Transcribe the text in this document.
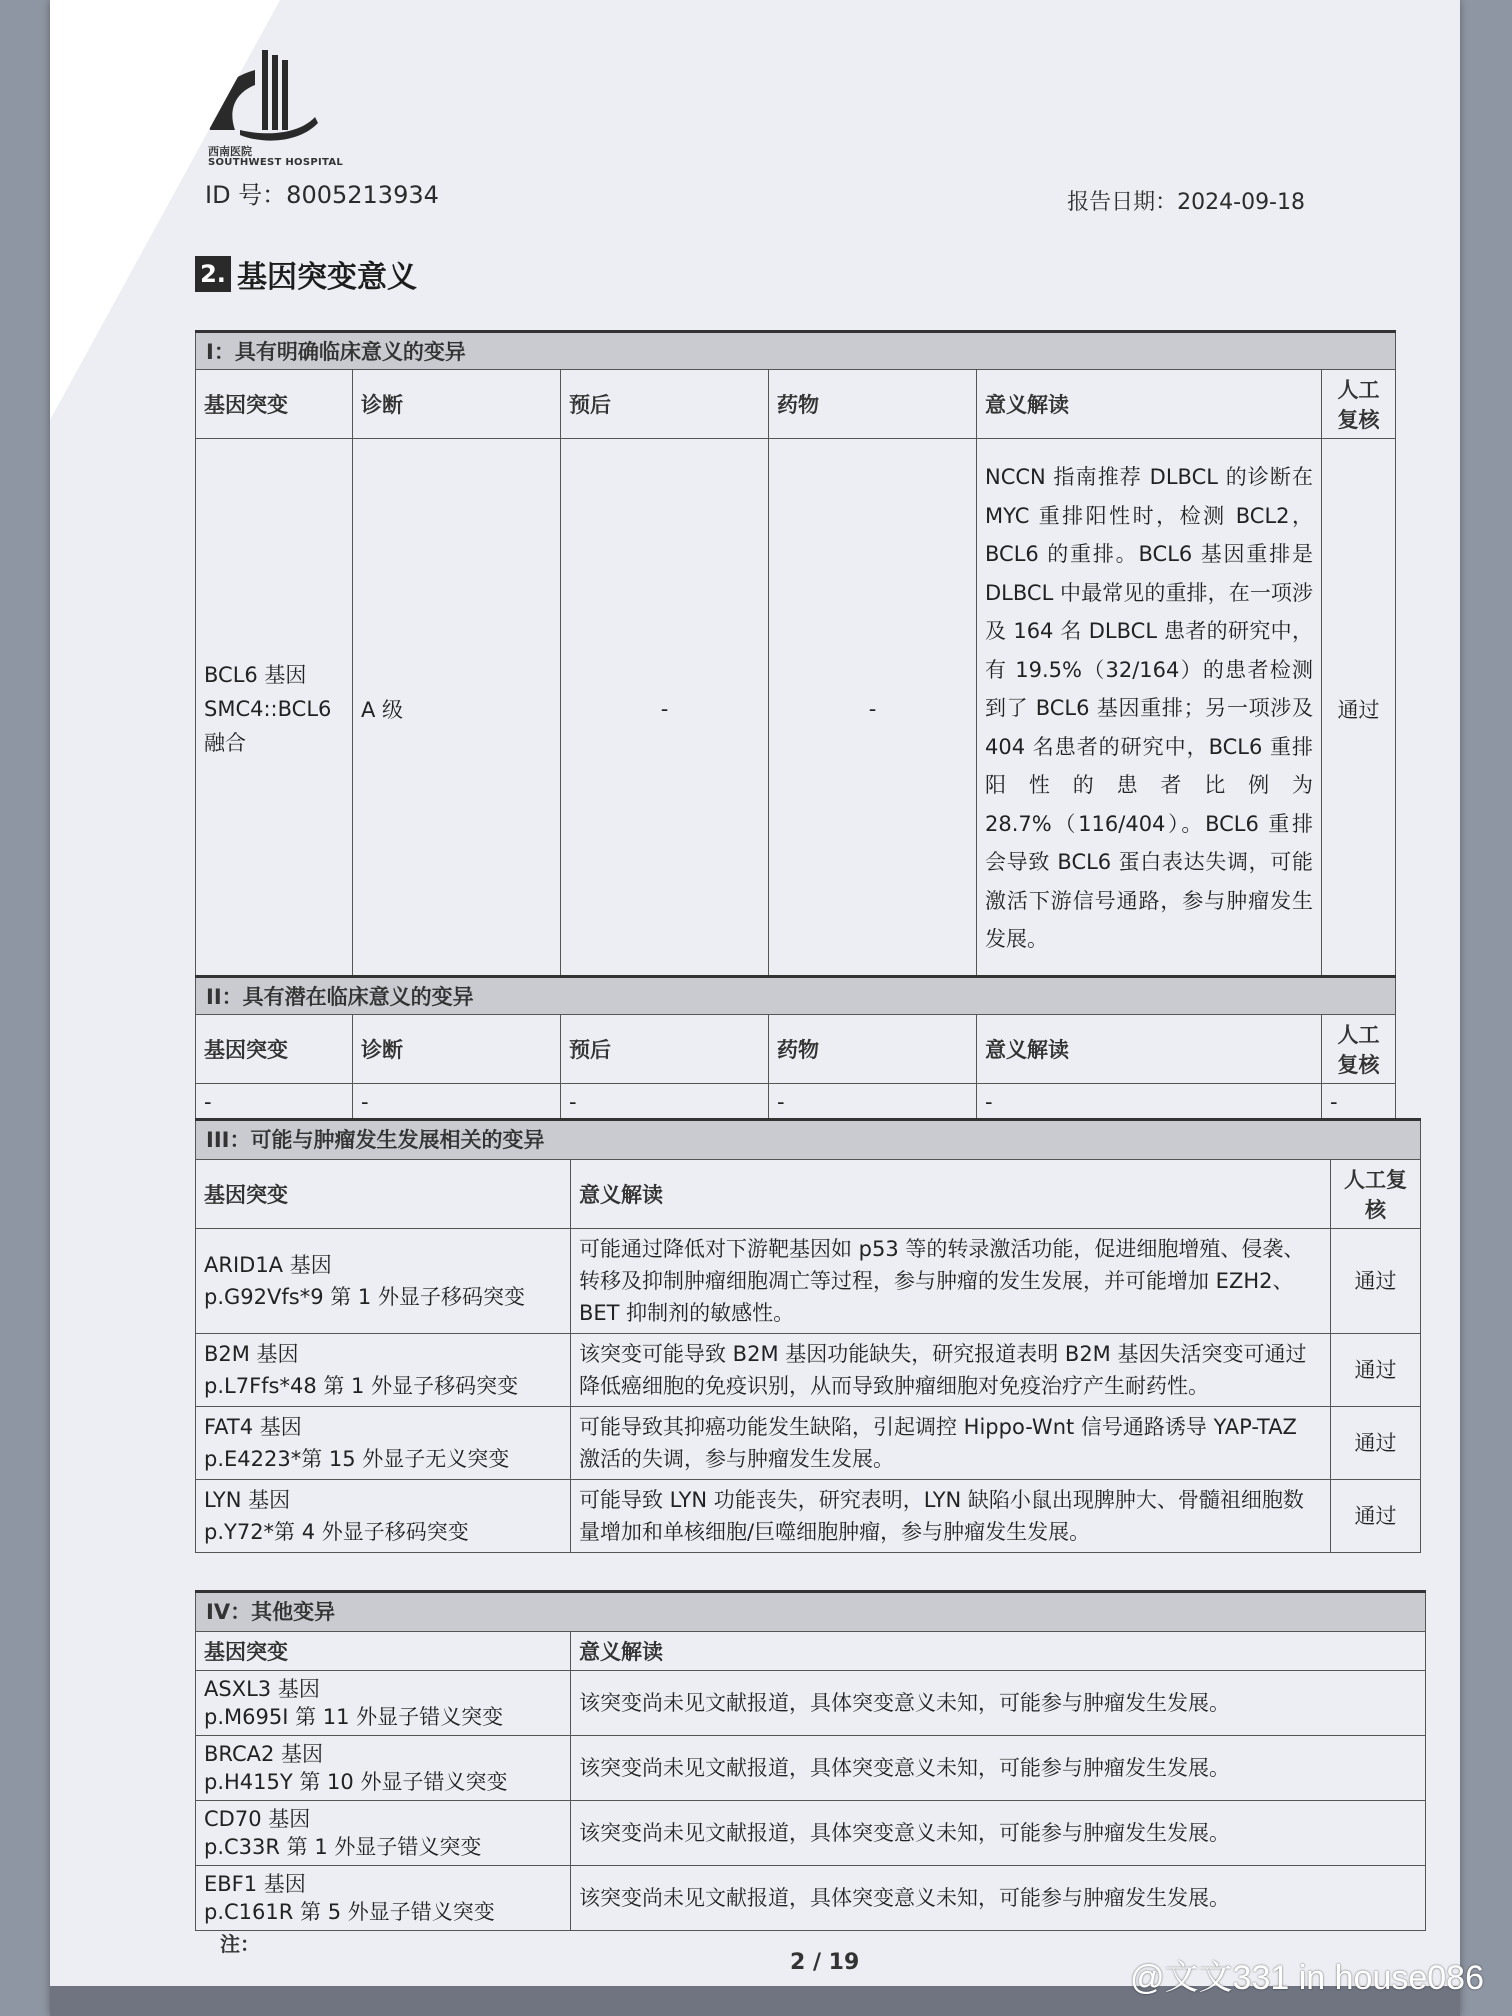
西南医院
SOUTHWEST HOSPITAL
ID 号：8005213934	报告日期：2024-09-18
2. 基因突变意义
I：具有明确临床意义的变异					
基因突变	诊断	预后	药物	意义解读	人工复核
BCL6 基因 SMC4::BCL6 融合	A 级	-	-	NCCN 指南推荐 DLBCL 的诊断在 MYC 重排阳性时，检测 BCL2，BCL6 的重排。BCL6 基因重排是 DLBCL 中最常见的重排，在一项涉及 164 名 DLBCL 患者的研究中，有 19.5%（32/164）的患者检测到了 BCL6 基因重排；另一项涉及 404 名患者的研究中，BCL6 重排阳性的患者比例为 28.7%（116/404）。BCL6 重排会导致 BCL6 蛋白表达失调，可能激活下游信号通路，参与肿瘤发生发展。	通过
II：具有潜在临床意义的变异					
基因突变	诊断	预后	药物	意义解读	人工复核
-	-	-	-	-	-
III：可能与肿瘤发生发展相关的变异		
基因突变	意义解读	人工复核

ARID1A 基因
p.G92Vfs*9 第 1 外显子移码突变	可能通过降低对下游靶基因如 p53 等的转录激活功能，促进细胞增殖、侵袭、转移及抑制肿瘤细胞凋亡等过程，参与肿瘤的发生发展，并可能增加 EZH2、BET 抑制剂的敏感性。	通过

B2M 基因
p.L7Ffs*48 第 1 外显子移码突变	该突变可能导致 B2M 基因功能缺失，研究报道表明 B2M 基因失活突变可通过降低癌细胞的免疫识别，从而导致肿瘤细胞对免疫治疗产生耐药性。	通过

FAT4 基因
p.E4223*第 15 外显子无义突变	可能导致其抑癌功能发生缺陷，引起调控 Hippo-Wnt 信号通路诱导 YAP-TAZ 激活的失调，参与肿瘤发生发展。	通过

LYN 基因
p.Y72*第 4 外显子移码突变	可能导致 LYN 功能丧失，研究表明，LYN 缺陷小鼠出现脾肿大、骨髓祖细胞数量增加和单核细胞/巨噬细胞肿瘤，参与肿瘤发生发展。	通过
IV：其他变异	
基因突变	意义解读

ASXL3 基因
p.M695I 第 11 外显子错义突变	该突变尚未见文献报道，具体突变意义未知，可能参与肿瘤发生发展。

BRCA2 基因
p.H415Y 第 10 外显子错义突变	该突变尚未见文献报道，具体突变意义未知，可能参与肿瘤发生发展。

CD70 基因
p.C33R 第 1 外显子错义突变	该突变尚未见文献报道，具体突变意义未知，可能参与肿瘤发生发展。

EBF1 基因
p.C161R 第 5 外显子错义突变	该突变尚未见文献报道，具体突变意义未知，可能参与肿瘤发生发展。
注：
2 / 19	@文文331 in house086
